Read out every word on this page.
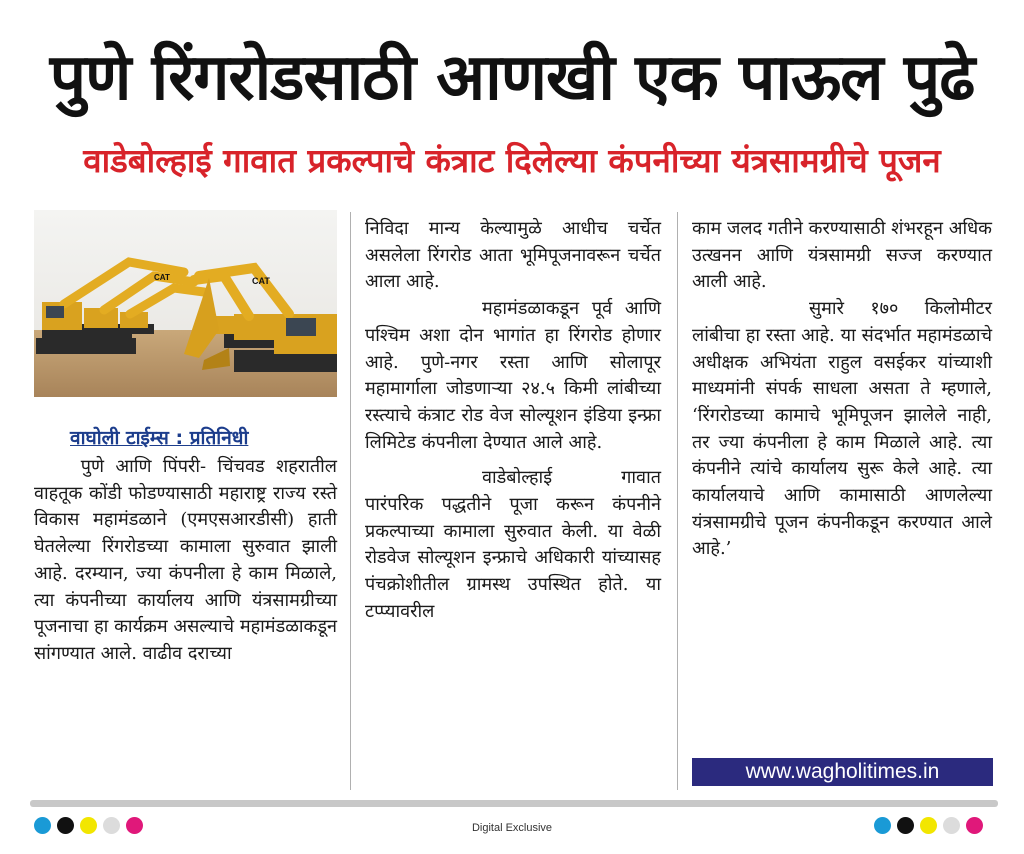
पुणे रिंगरोडसाठी आणखी एक पाऊल पुढे
वाडेबोल्हाई गावात प्रकल्पाचे कंत्राट दिलेल्या कंपनीच्या यंत्रसामग्रीचे पूजन
CAT
CAT
वाघोली टाईम्स : प्रतिनिधी

पुणे आणि पिंपरी- चिंचवड शहरातील वाहतूक कोंडी फोडण्यासाठी महाराष्ट्र राज्य रस्ते विकास महामंडळाने (एमएसआरडीसी) हाती घेतलेल्या रिंगरोडच्या कामाला सुरुवात झाली आहे. दरम्यान, ज्या कंपनीला हे काम मिळाले, त्या कंपनीच्या कार्यालय आणि यंत्रसामग्रीच्या पूजनाचा हा कार्यक्रम असल्याचे महामंडळाकडून सांगण्यात आले. वाढीव दराच्या

निविदा मान्य केल्यामुळे आधीच चर्चेत असलेला रिंगरोड आता भूमिपूजनावरून चर्चेत आला आहे.

महामंडळाकडून पूर्व आणि पश्चिम अशा दोन भागांत हा रिंगरोड होणार आहे. पुणे-नगर रस्ता आणि सोलापूर महामार्गाला जोडणाऱ्या २४.५ किमी लांबीच्या रस्त्याचे कंत्राट रोड वेज सोल्यूशन इंडिया इन्फ्रा लिमिटेड कंपनीला देण्यात आले आहे.

वाडेबोल्हाई गावात पारंपरिक पद्धतीने पूजा करून कंपनीने प्रकल्पाच्या कामाला सुरुवात केली. या वेळी रोडवेज सोल्यूशन इन्फ्राचे अधिकारी यांच्यासह पंचक्रोशीतील ग्रामस्थ उपस्थित होते. या टप्प्यावरील

काम जलद गतीने करण्यासाठी शंभरहून अधिक उत्खनन आणि यंत्रसामग्री सज्ज करण्यात आली आहे.

सुमारे १७० किलोमीटर लांबीचा हा रस्ता आहे. या संदर्भात महामंडळाचे अधीक्षक अभियंता राहुल वसईकर यांच्याशी माध्यमांनी संपर्क साधला असता ते म्हणाले, ‘रिंगरोडच्या कामाचे भूमिपूजन झालेले नाही, तर ज्या कंपनीला हे काम मिळाले आहे. त्या कंपनीने त्यांचे कार्यालय सुरू केले आहे. त्या कार्यालयाचे आणि कामासाठी आणलेल्या यंत्रसामग्रीचे पूजन कंपनीकडून करण्यात आले आहे.’

www.wagholitimes.in
Digital Exclusive
